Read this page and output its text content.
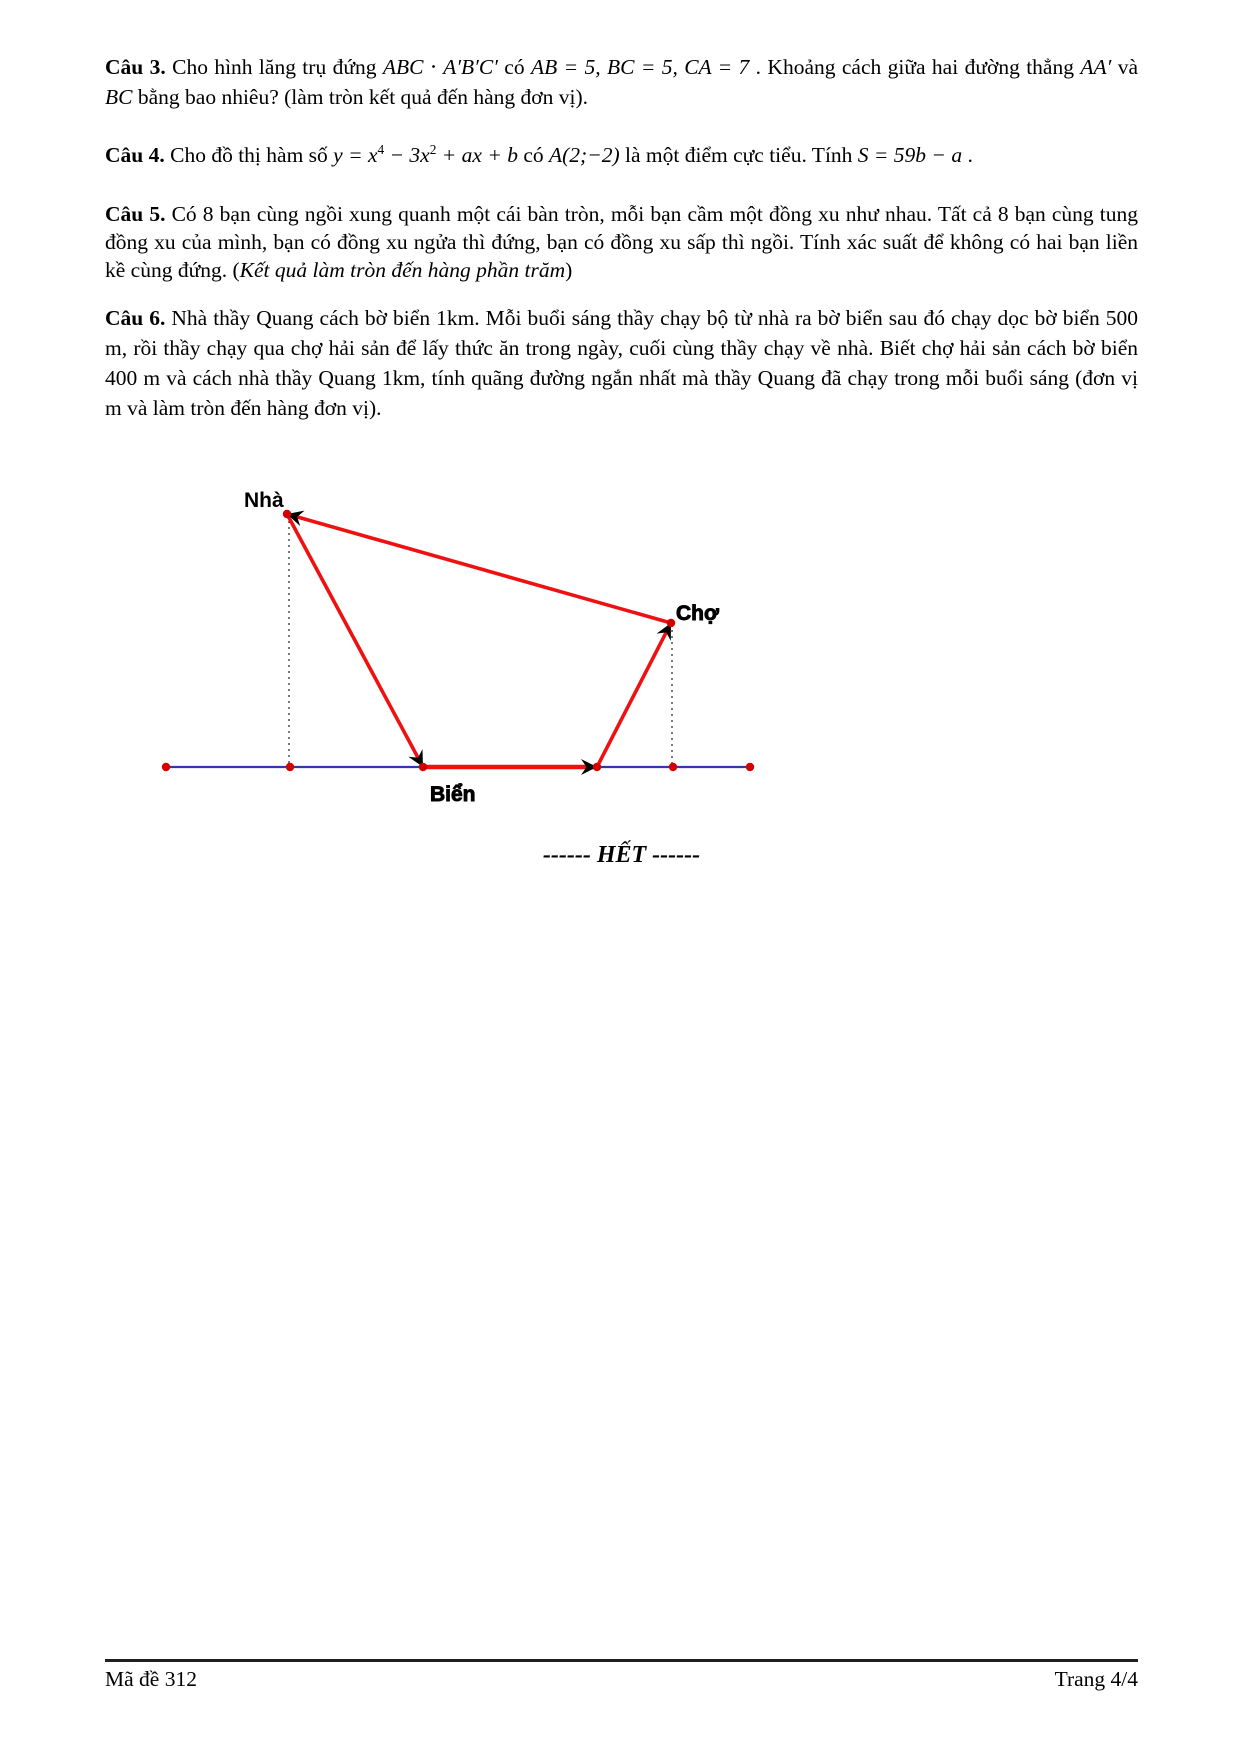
Câu 3. Cho hình lăng trụ đứng ABC ⋅ A′B′C′ có AB = 5, BC = 5, CA = 7 . Khoảng cách giữa hai đường thẳng AA′ và BC bằng bao nhiêu? (làm tròn kết quả đến hàng đơn vị).

Câu 4. Cho đồ thị hàm số $y = x^4 - 3x^2$ + ax + b có A(2;−2) là một điểm cực tiểu. Tính S = 59b − a .

Câu 5. Có 8 bạn cùng ngồi xung quanh một cái bàn tròn, mỗi bạn cầm một đồng xu như nhau. Tất cả 8 bạn cùng tung đồng xu của mình, bạn có đồng xu ngửa thì đứng, bạn có đồng xu sấp thì ngồi. Tính xác suất để không có hai bạn liền kề cùng đứng. (Kết quả làm tròn đến hàng phần trăm)

Câu 6. Nhà thầy Quang cách bờ biển 1km. Mỗi buổi sáng thầy chạy bộ từ nhà ra bờ biển sau đó chạy dọc bờ biển 500 m, rồi thầy chạy qua chợ hải sản để lấy thức ăn trong ngày, cuối cùng thầy chạy về nhà. Biết chợ hải sản cách bờ biển 400 m và cách nhà thầy Quang 1km, tính quãng đường ngắn nhất mà thầy Quang đã chạy trong mỗi buổi sáng (đơn vị m và làm tròn đến hàng đơn vị).

Nhà
Chợ
Biển
------ HẾT ------
Mã đề 312	Trang 4/4
